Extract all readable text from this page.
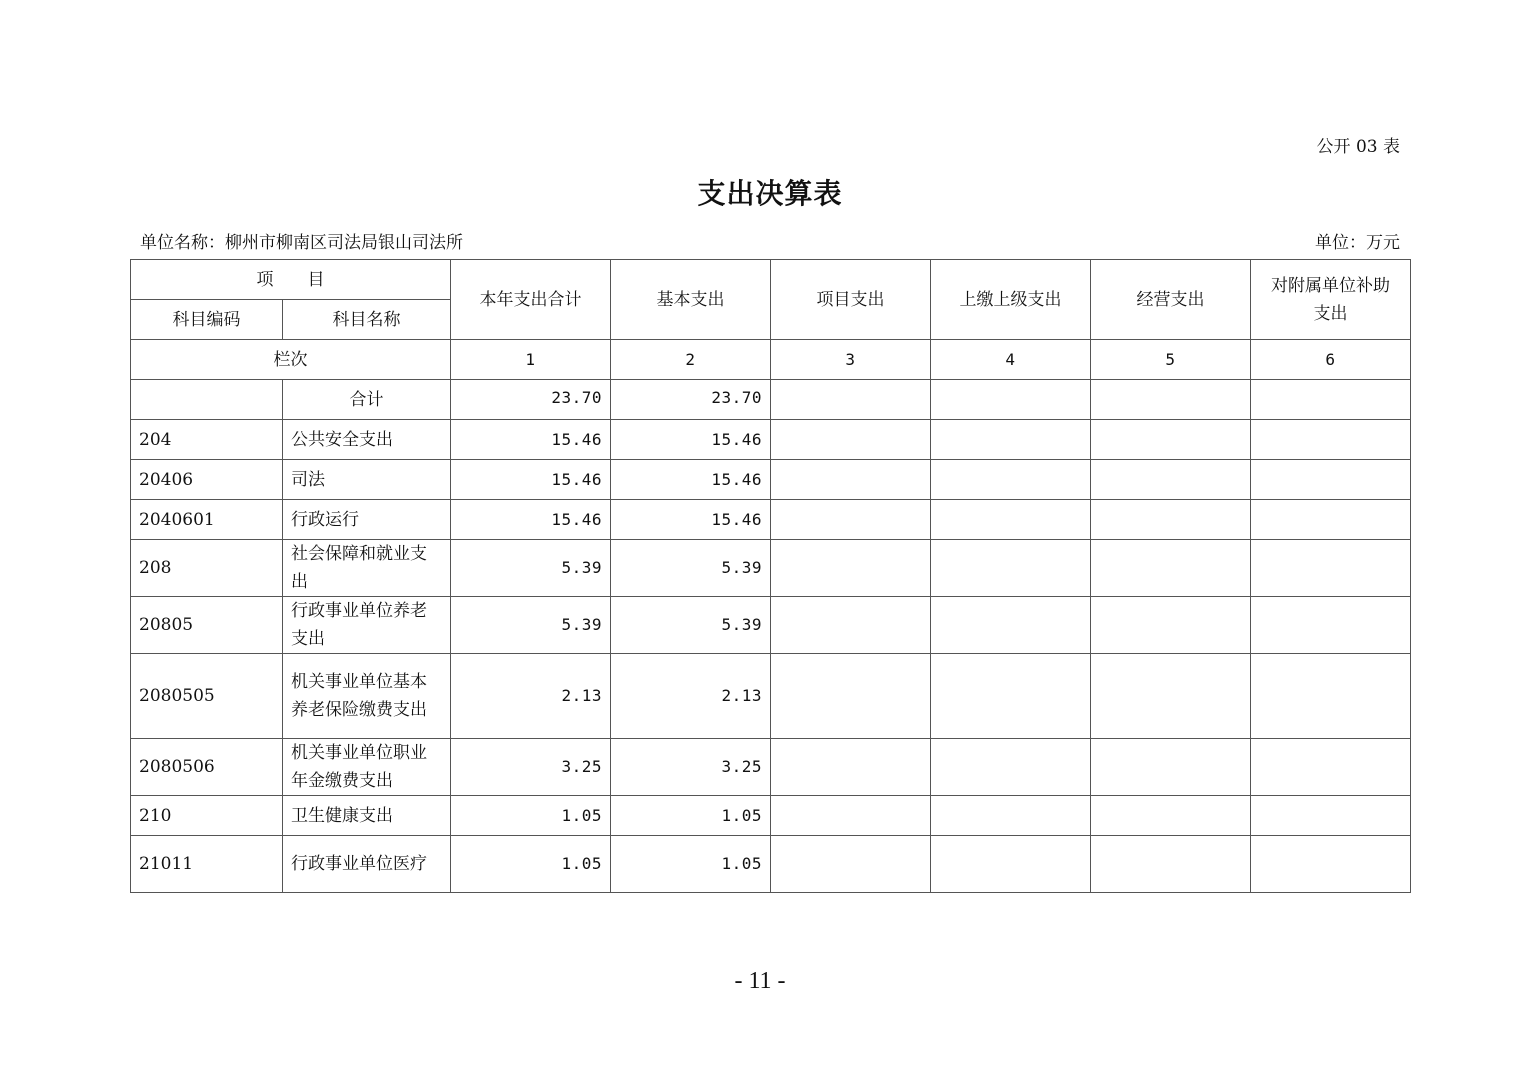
公开 03 表
支出决算表
单位名称：柳州市柳南区司法局银山司法所	单位：万元
项　　目		本年支出合计	基本支出	项目支出	上缴上级支出	经营支出	对附属单位补助支出
科目编码	科目名称						
栏次		1	2	3	4	5	6
	合计	23.70	23.70				
204	公共安全支出	15.46	15.46				
20406	司法	15.46	15.46				
2040601	行政运行	15.46	15.46				
208	社会保障和就业支出	5.39	5.39				
20805	行政事业单位养老支出	5.39	5.39				
2080505	机关事业单位基本养老保险缴费支出	2.13	2.13				
2080506	机关事业单位职业年金缴费支出	3.25	3.25				
210	卫生健康支出	1.05	1.05				
21011	行政事业单位医疗	1.05	1.05				
- 11 -
